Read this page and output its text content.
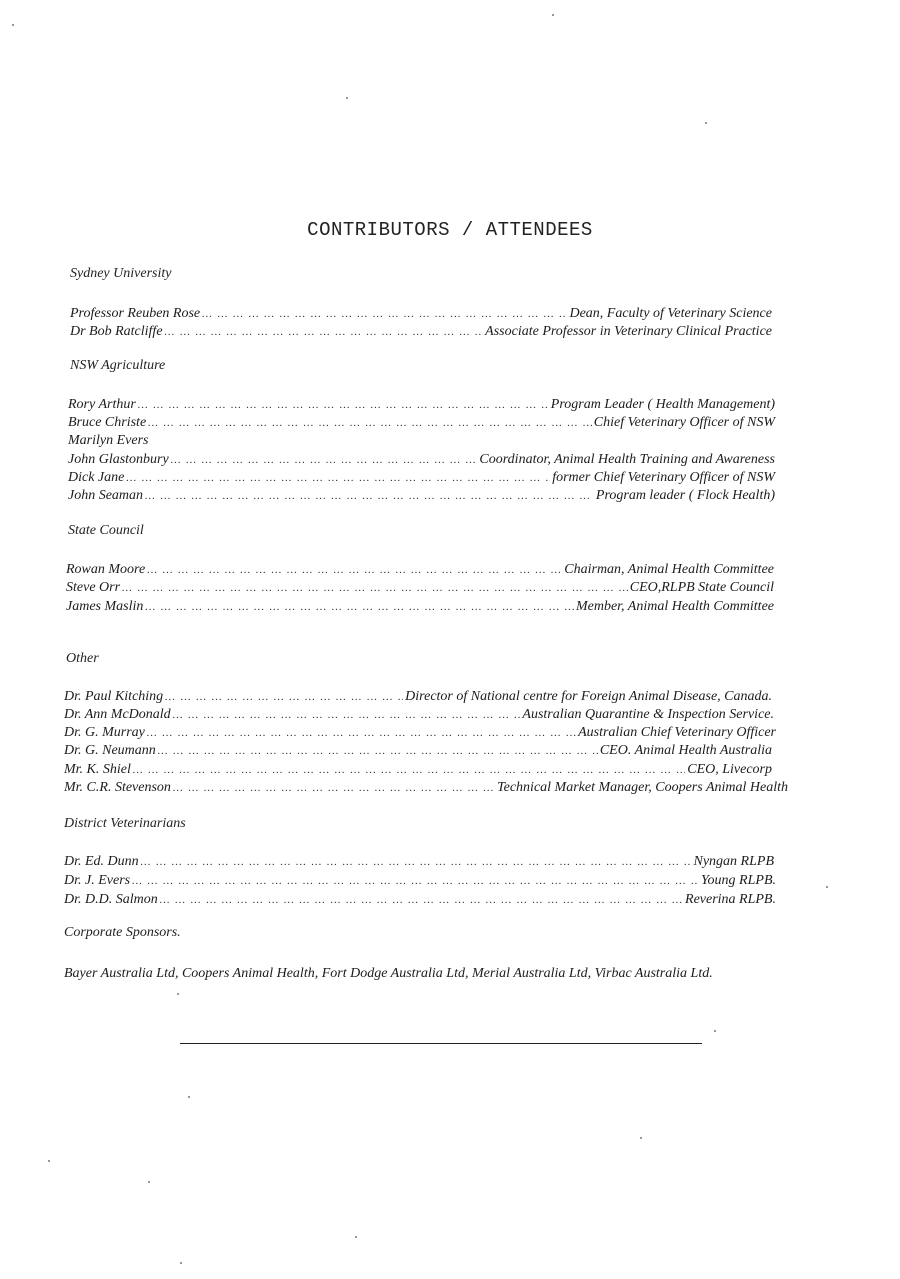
CONTRIBUTORS / ATTENDEES
Sydney University
Professor Reuben Rose … … … … … … … … … … … … … … … … … … … … … … … … … … … … … … … … … … … … … … … … … … … … … … … … … … … … … … … … … … … … … … … … … … … … … … … … … … … … … … … … … … … … … … … … … … … … …	Dean, Faculty of Veterinary Science
Dr Bob Ratcliffe … … … … … … … … … … … … … … … … … … … … … … … … … … … … … … … … … … … … … … … … … … … … … … … … … … … … … … … … … … … … … … … … … … … … … … … … … … … … … … … … … … … … … … … … … … … … …	Associate Professor in Veterinary Clinical Practice
NSW Agriculture
Rory Arthur … … … … … … … … … … … … … … … … … … … … … … … … … … … … … … … … … … … … … … … … … … … … … … … … … … … … … … … … … … … … … … … … … … … … … … … … … … … … … … … … … … … … … … … … … … … … …	Program Leader ( Health Management)
Bruce Christe … … … … … … … … … … … … … … … … … … … … … … … … … … … … … … … … … … … … … … … … … … … … … … … … … … … … … … … … … … … … … … … … … … … … … … … … … … … … … … … … … … … … … … … … … … … … …	Chief Veterinary Officer of NSW
Marilyn Evers
John Glastonbury … … … … … … … … … … … … … … … … … … … … … … … … … … … … … … … … … … … … … … … … … … … … … … … … … … … … … … … … … … … … … … … … … … … … … … … … … … … … … … … … … … … … … … … … … … … … …	Coordinator, Animal Health Training and Awareness
Dick Jane … … … … … … … … … … … … … … … … … … … … … … … … … … … … … … … … … … … … … … … … … … … … … … … … … … … … … … … … … … … … … … … … … … … … … … … … … … … … … … … … … … … … … … … … … … … … …	former Chief Veterinary Officer of NSW
John Seaman … … … … … … … … … … … … … … … … … … … … … … … … … … … … … … … … … … … … … … … … … … … … … … … … … … … … … … … … … … … … … … … … … … … … … … … … … … … … … … … … … … … … … … … … … … … … …	Program leader ( Flock Health)
State Council
Rowan Moore … … … … … … … … … … … … … … … … … … … … … … … … … … … … … … … … … … … … … … … … … … … … … … … … … … … … … … … … … … … … … … … … … … … … … … … … … … … … … … … … … … … … … … … … … … … … …	Chairman, Animal Health Committee
Steve Orr … … … … … … … … … … … … … … … … … … … … … … … … … … … … … … … … … … … … … … … … … … … … … … … … … … … … … … … … … … … … … … … … … … … … … … … … … … … … … … … … … … … … … … … … … … … … …	CEO,RLPB State Council
James Maslin … … … … … … … … … … … … … … … … … … … … … … … … … … … … … … … … … … … … … … … … … … … … … … … … … … … … … … … … … … … … … … … … … … … … … … … … … … … … … … … … … … … … … … … … … … … … …	Member, Animal Health Committee
Other
Dr. Paul Kitching … … … … … … … … … … … … … … … … … … … … … … … … … … … … … … … … … … … … … … … … … … … … … … … … … … … … … … … … … … … … … … … … … … … … … … … … … … … … … … … … … … … … … … … … … … … … …	Director of National centre for Foreign Animal Disease, Canada.
Dr. Ann McDonald … … … … … … … … … … … … … … … … … … … … … … … … … … … … … … … … … … … … … … … … … … … … … … … … … … … … … … … … … … … … … … … … … … … … … … … … … … … … … … … … … … … … … … … … … … … … …	Australian Quarantine & Inspection Service.
Dr. G. Murray … … … … … … … … … … … … … … … … … … … … … … … … … … … … … … … … … … … … … … … … … … … … … … … … … … … … … … … … … … … … … … … … … … … … … … … … … … … … … … … … … … … … … … … … … … … … …	Australian Chief Veterinary Officer
Dr. G. Neumann … … … … … … … … … … … … … … … … … … … … … … … … … … … … … … … … … … … … … … … … … … … … … … … … … … … … … … … … … … … … … … … … … … … … … … … … … … … … … … … … … … … … … … … … … … … … …	CEO. Animal Health Australia
Mr. K. Shiel … … … … … … … … … … … … … … … … … … … … … … … … … … … … … … … … … … … … … … … … … … … … … … … … … … … … … … … … … … … … … … … … … … … … … … … … … … … … … … … … … … … … … … … … … … … … …	CEO, Livecorp
Mr. C.R. Stevenson … … … … … … … … … … … … … … … … … … … … … … … … … … … … … … … … … … … … … … … … … … … … … … … … … … … … … … … … … … … … … … … … … … … … … … … … … … … … … … … … … … … … … … … … … … … … …	Technical Market Manager, Coopers Animal Health
District Veterinarians
Dr. Ed. Dunn … … … … … … … … … … … … … … … … … … … … … … … … … … … … … … … … … … … … … … … … … … … … … … … … … … … … … … … … … … … … … … … … … … … … … … … … … … … … … … … … … … … … … … … … … … … … …	Nyngan RLPB
Dr. J. Evers … … … … … … … … … … … … … … … … … … … … … … … … … … … … … … … … … … … … … … … … … … … … … … … … … … … … … … … … … … … … … … … … … … … … … … … … … … … … … … … … … … … … … … … … … … … … …	Young RLPB.
Dr. D.D. Salmon … … … … … … … … … … … … … … … … … … … … … … … … … … … … … … … … … … … … … … … … … … … … … … … … … … … … … … … … … … … … … … … … … … … … … … … … … … … … … … … … … … … … … … … … … … … … …	Reverina RLPB.
Corporate Sponsors.
Bayer Australia Ltd, Coopers Animal Health, Fort Dodge Australia Ltd, Merial Australia Ltd, Virbac Australia Ltd.
